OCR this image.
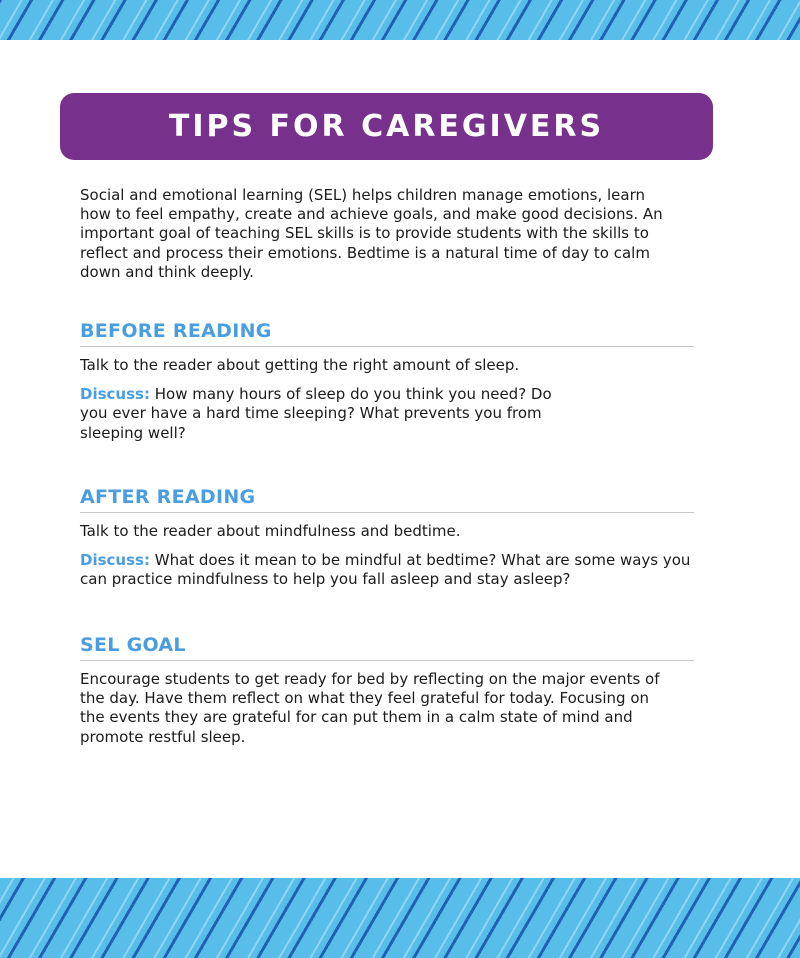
TIPS FOR CAREGIVERS

Social and emotional learning (SEL) helps children manage emotions, learn how to feel empathy, create and achieve goals, and make good decisions. An important goal of teaching SEL skills is to provide students with the skills to reflect and process their emotions. Bedtime is a natural time of day to calm down and think deeply.

BEFORE READING

Talk to the reader about getting the right amount of sleep.

Discuss: How many hours of sleep do you think you need? Do you ever have a hard time sleeping? What prevents you from sleeping well?

AFTER READING

Talk to the reader about mindfulness and bedtime.

Discuss: What does it mean to be mindful at bedtime? What are some ways you can practice mindfulness to help you fall asleep and stay asleep?

SEL GOAL

Encourage students to get ready for bed by reflecting on the major events of the day. Have them reflect on what they feel grateful for today. Focusing on the events they are grateful for can put them in a calm state of mind and promote restful sleep.
